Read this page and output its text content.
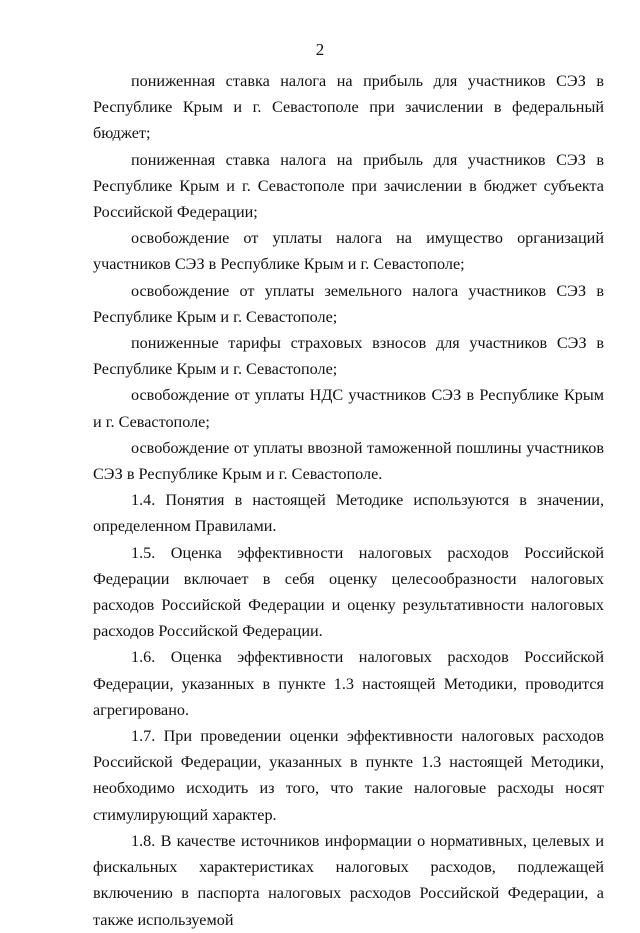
2

пониженная ставка налога на прибыль для участников СЭЗ в Республике Крым и г. Севастополе при зачислении в федеральный бюджет;

пониженная ставка налога на прибыль для участников СЭЗ в Республике Крым и г. Севастополе при зачислении в бюджет субъекта Российской Федерации;

освобождение от уплаты налога на имущество организаций участников СЭЗ в Республике Крым и г. Севастополе;

освобождение от уплаты земельного налога участников СЭЗ в Республике Крым и г. Севастополе;

пониженные тарифы страховых взносов для участников СЭЗ в Республике Крым и г. Севастополе;

освобождение от уплаты НДС участников СЭЗ в Республике Крым и г. Севастополе;

освобождение от уплаты ввозной таможенной пошлины участников СЭЗ в Республике Крым и г. Севастополе.

1.4. Понятия в настоящей Методике используются в значении, определенном Правилами.

1.5. Оценка эффективности налоговых расходов Российской Федерации включает в себя оценку целесообразности налоговых расходов Российской Федерации и оценку результативности налоговых расходов Российской Федерации.

1.6. Оценка эффективности налоговых расходов Российской Федерации, указанных в пункте 1.3 настоящей Методики, проводится агрегировано.

1.7. При проведении оценки эффективности налоговых расходов Российской Федерации, указанных в пункте 1.3 настоящей Методики, необходимо исходить из того, что такие налоговые расходы носят стимулирующий характер.

1.8. В качестве источников информации о нормативных, целевых и фискальных характеристиках налоговых расходов, подлежащей включению в паспорта налоговых расходов Российской Федерации, а также используемой
